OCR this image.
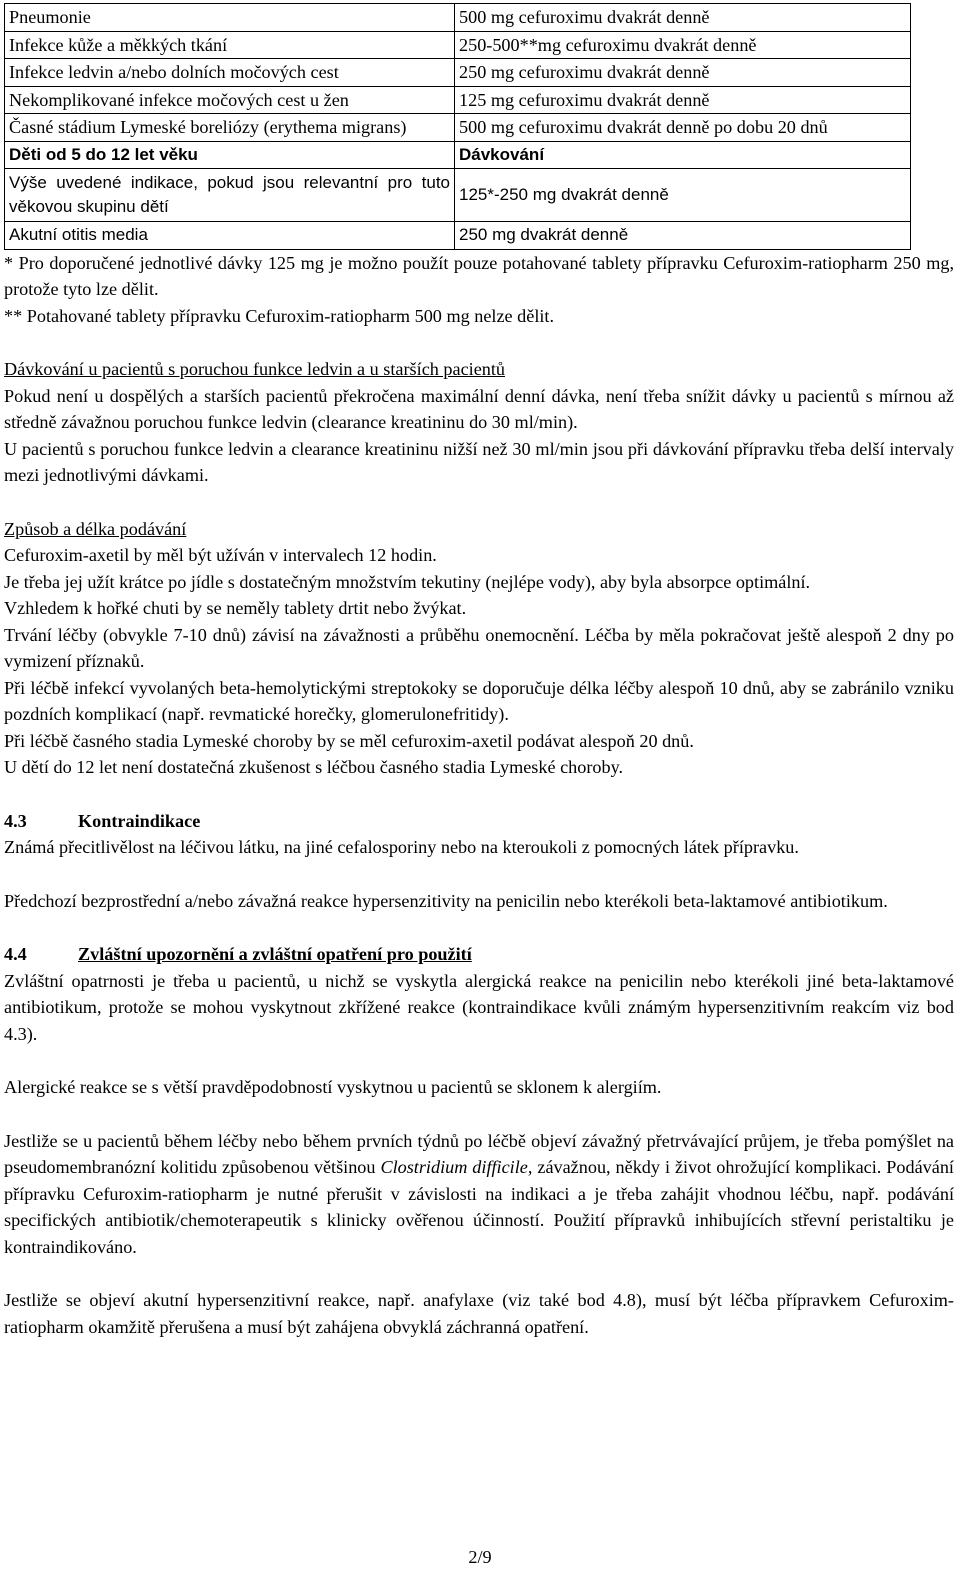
Pneumonie	500 mg cefuroximu dvakrát denně
Infekce kůže a měkkých tkání	250-500**mg cefuroximu dvakrát denně
Infekce ledvin a/nebo dolních močových cest	250 mg cefuroximu dvakrát denně
Nekomplikované infekce močových cest u žen	125 mg cefuroximu dvakrát denně
Časné stádium Lymeské boreliózy (erythema migrans)	500 mg cefuroximu dvakrát denně po dobu 20 dnů
Děti od 5 do 12 let věku	Dávkování
Výše uvedené indikace, pokud jsou relevantní pro tuto věkovou skupinu dětí	125*-250 mg dvakrát denně
Akutní otitis media	250 mg dvakrát denně

* Pro doporučené jednotlivé dávky 125 mg je možno použít pouze potahované tablety přípravku Cefuroxim-ratiopharm 250 mg, protože tyto lze dělit.

** Potahované tablety přípravku Cefuroxim-ratiopharm 500 mg nelze dělit.

Dávkování u pacientů s poruchou funkce ledvin a u starších pacientů

Pokud není u dospělých a starších pacientů překročena maximální denní dávka, není třeba snížit dávky u pacientů s mírnou až středně závažnou poruchou funkce ledvin (clearance kreatininu do 30 ml/min).

U pacientů s poruchou funkce ledvin a clearance kreatininu nižší než 30 ml/min jsou při dávkování přípravku třeba delší intervaly mezi jednotlivými dávkami.

Způsob a délka podávání

Cefuroxim-axetil by měl být užíván v intervalech 12 hodin.

Je třeba jej užít krátce po jídle s dostatečným množstvím tekutiny (nejlépe vody), aby byla absorpce optimální.

Vzhledem k hořké chuti by se neměly tablety drtit nebo žvýkat.

Trvání léčby (obvykle 7-10 dnů) závisí na závažnosti a průběhu onemocnění. Léčba by měla pokračovat ještě alespoň 2 dny po vymizení příznaků.

Při léčbě infekcí vyvolaných beta-hemolytickými streptokoky se doporučuje délka léčby alespoň 10 dnů, aby se zabránilo vzniku pozdních komplikací (např. revmatické horečky, glomerulonefritidy).

Při léčbě časného stadia Lymeské choroby by se měl cefuroxim-axetil podávat alespoň 20 dnů.

U dětí do 12 let není dostatečná zkušenost s léčbou časného stadia Lymeské choroby.

4.3	Kontraindikace

Známá přecitlivělost na léčivou látku, na jiné cefalosporiny nebo na kteroukoli z pomocných látek přípravku.

Předchozí bezprostřední a/nebo závažná reakce hypersenzitivity na penicilin nebo kterékoli beta-laktamové antibiotikum.

4.4	Zvláštní upozornění a zvláštní opatření pro použití

Zvláštní opatrnosti je třeba u pacientů, u nichž se vyskytla alergická reakce na penicilin nebo kterékoli jiné beta-laktamové antibiotikum, protože se mohou vyskytnout zkřížené reakce (kontraindikace kvůli známým hypersenzitivním reakcím viz bod 4.3).

Alergické reakce se s větší pravděpodobností vyskytnou u pacientů se sklonem k alergiím.

Jestliže se u pacientů během léčby nebo během prvních týdnů po léčbě objeví závažný přetrvávající průjem, je třeba pomýšlet na pseudomembranózní kolitidu způsobenou většinou Clostridium difficile, závažnou, někdy i život ohrožující komplikaci. Podávání přípravku Cefuroxim-ratiopharm je nutné přerušit v závislosti na indikaci a je třeba zahájit vhodnou léčbu, např. podávání specifických antibiotik/chemoterapeutik s klinicky ověřenou účinností. Použití přípravků inhibujících střevní peristaltiku je kontraindikováno.

Jestliže se objeví akutní hypersenzitivní reakce, např. anafylaxe (viz také bod 4.8), musí být léčba přípravkem Cefuroxim-ratiopharm okamžitě přerušena a musí být zahájena obvyklá záchranná opatření.

2/9
